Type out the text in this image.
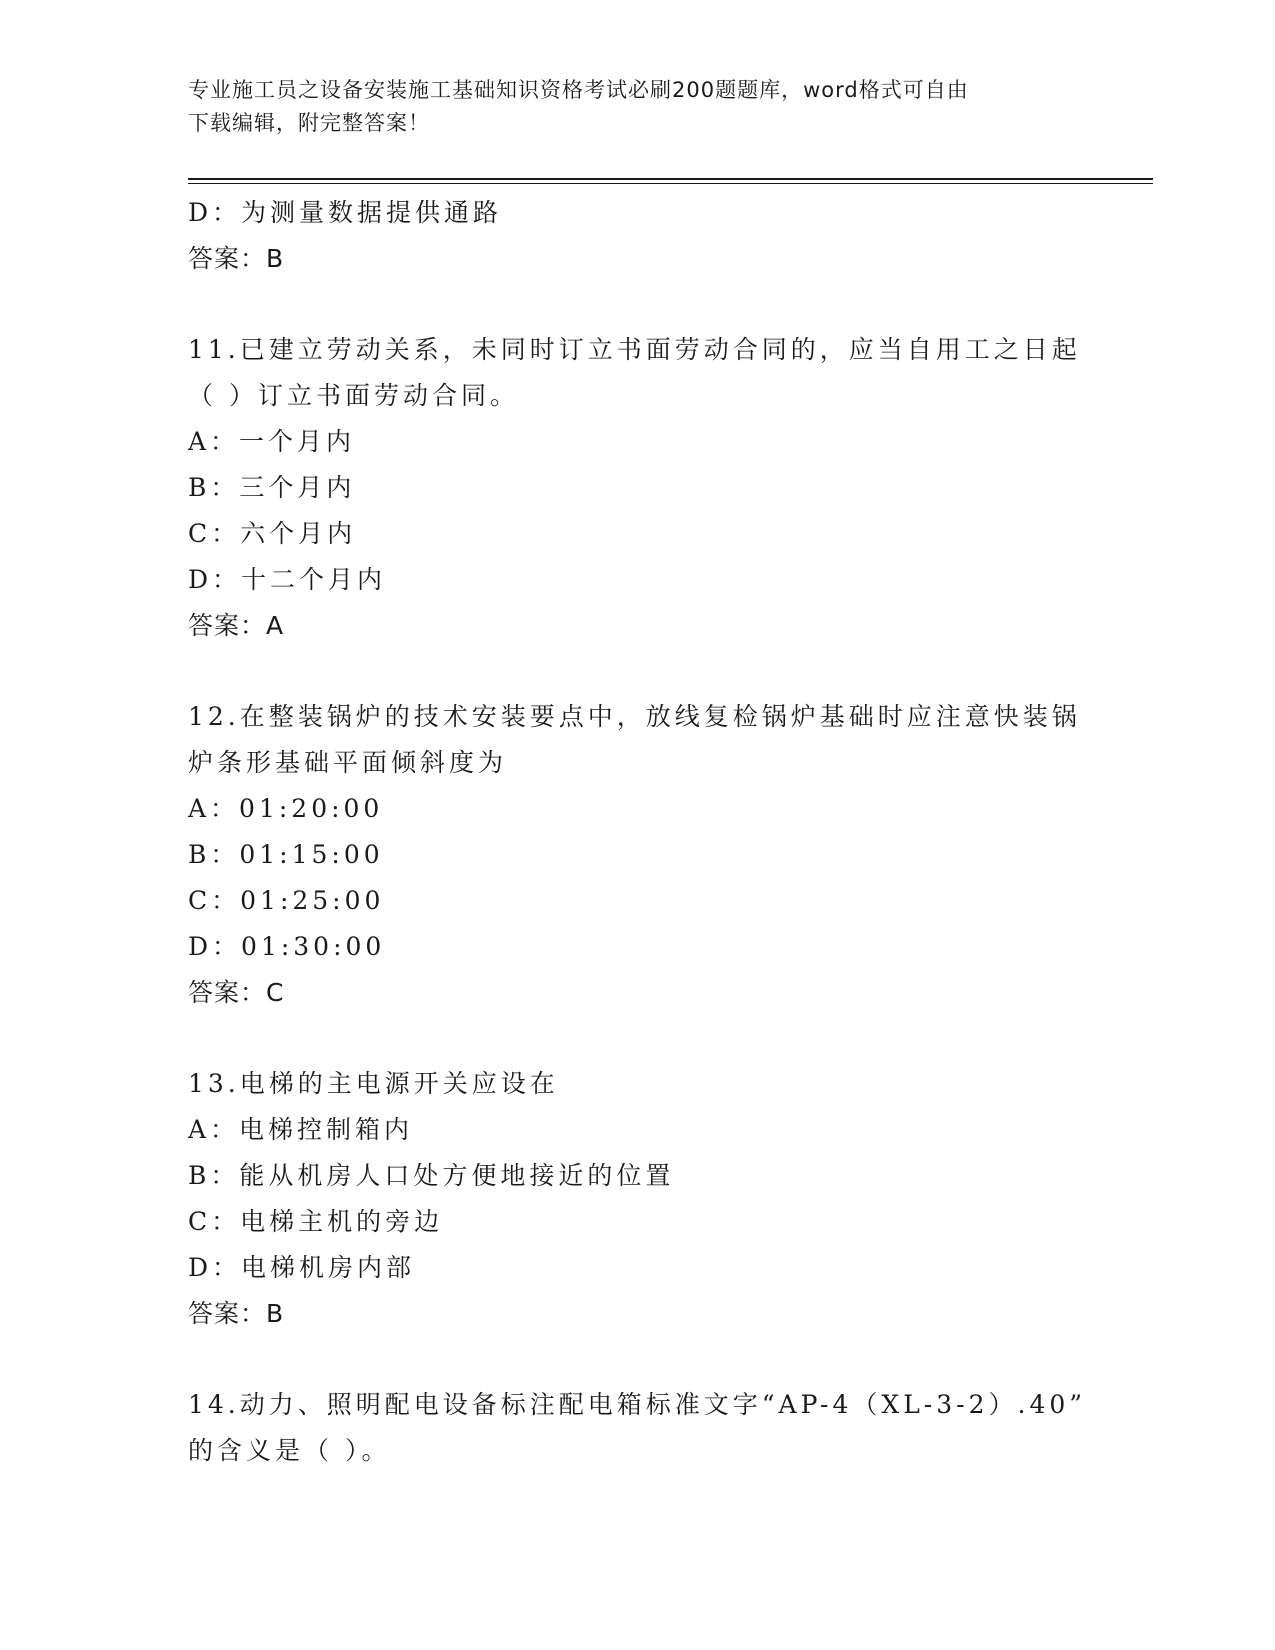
专业施工员之设备安装施工基础知识资格考试必刷200题题库，word格式可自由
下载编辑，附完整答案！
D：为测量数据提供通路
答案：B
11.已建立劳动关系，未同时订立书面劳动合同的，应当自用工之日起
（ ）订立书面劳动合同。
A：一个月内
B：三个月内
C：六个月内
D：十二个月内
答案：A
12.在整装锅炉的技术安装要点中，放线复检锅炉基础时应注意快装锅
炉条形基础平面倾斜度为
A：01:20:00
B：01:15:00
C：01:25:00
D：01:30:00
答案：C
13.电梯的主电源开关应设在
A：电梯控制箱内
B：能从机房人口处方便地接近的位置
C：电梯主机的旁边
D：电梯机房内部
答案：B
14.动力、照明配电设备标注配电箱标准文字“AP-4（XL-3-2）.40”
的含义是（ ）。
